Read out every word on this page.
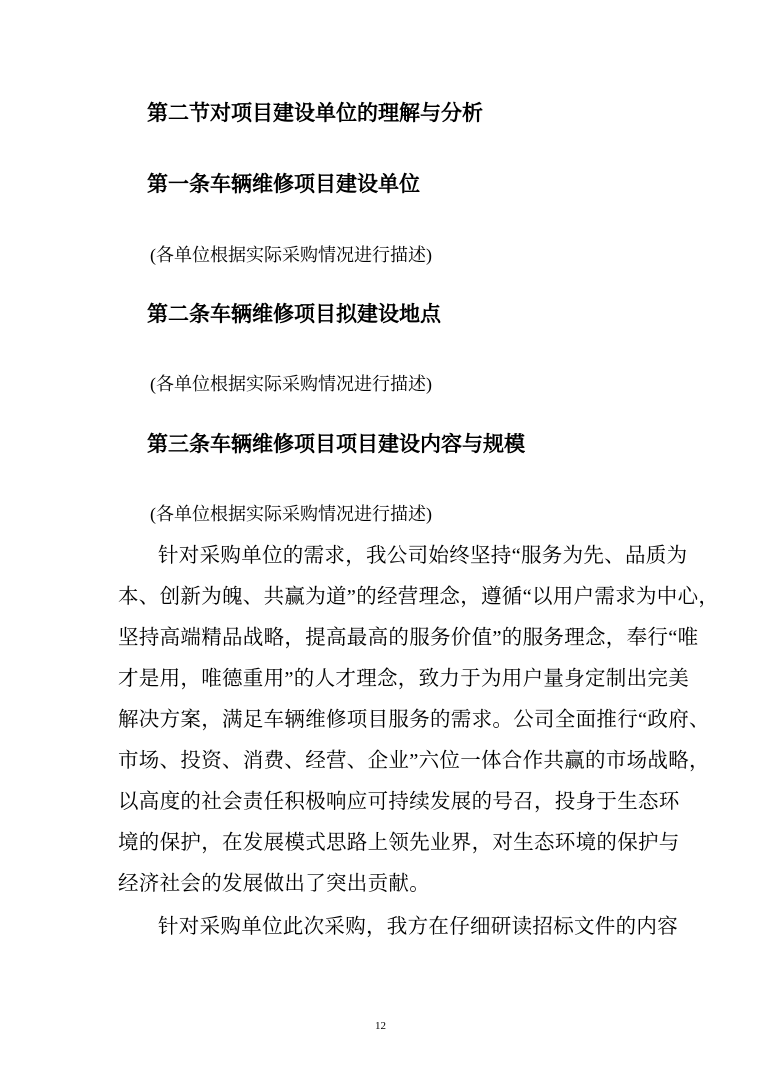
第二节对项目建设单位的理解与分析
第一条车辆维修项目建设单位
(各单位根据实际采购情况进行描述)
第二条车辆维修项目拟建设地点
(各单位根据实际采购情况进行描述)
第三条车辆维修项目项目建设内容与规模
(各单位根据实际采购情况进行描述)
针对采购单位的需求，我公司始终坚持“服务为先、品质为
本、创新为魄、共赢为道”的经营理念，遵循“以用户需求为中心，
坚持高端精品战略，提高最高的服务价值”的服务理念，奉行“唯
才是用，唯德重用”的人才理念，致力于为用户量身定制出完美
解决方案，满足车辆维修项目服务的需求。公司全面推行“政府、
市场、投资、消费、经营、企业”六位一体合作共赢的市场战略，
以高度的社会责任积极响应可持续发展的号召，投身于生态环
境的保护，在发展模式思路上领先业界，对生态环境的保护与
经济社会的发展做出了突出贡献。
针对采购单位此次采购，我方在仔细研读招标文件的内容
12
